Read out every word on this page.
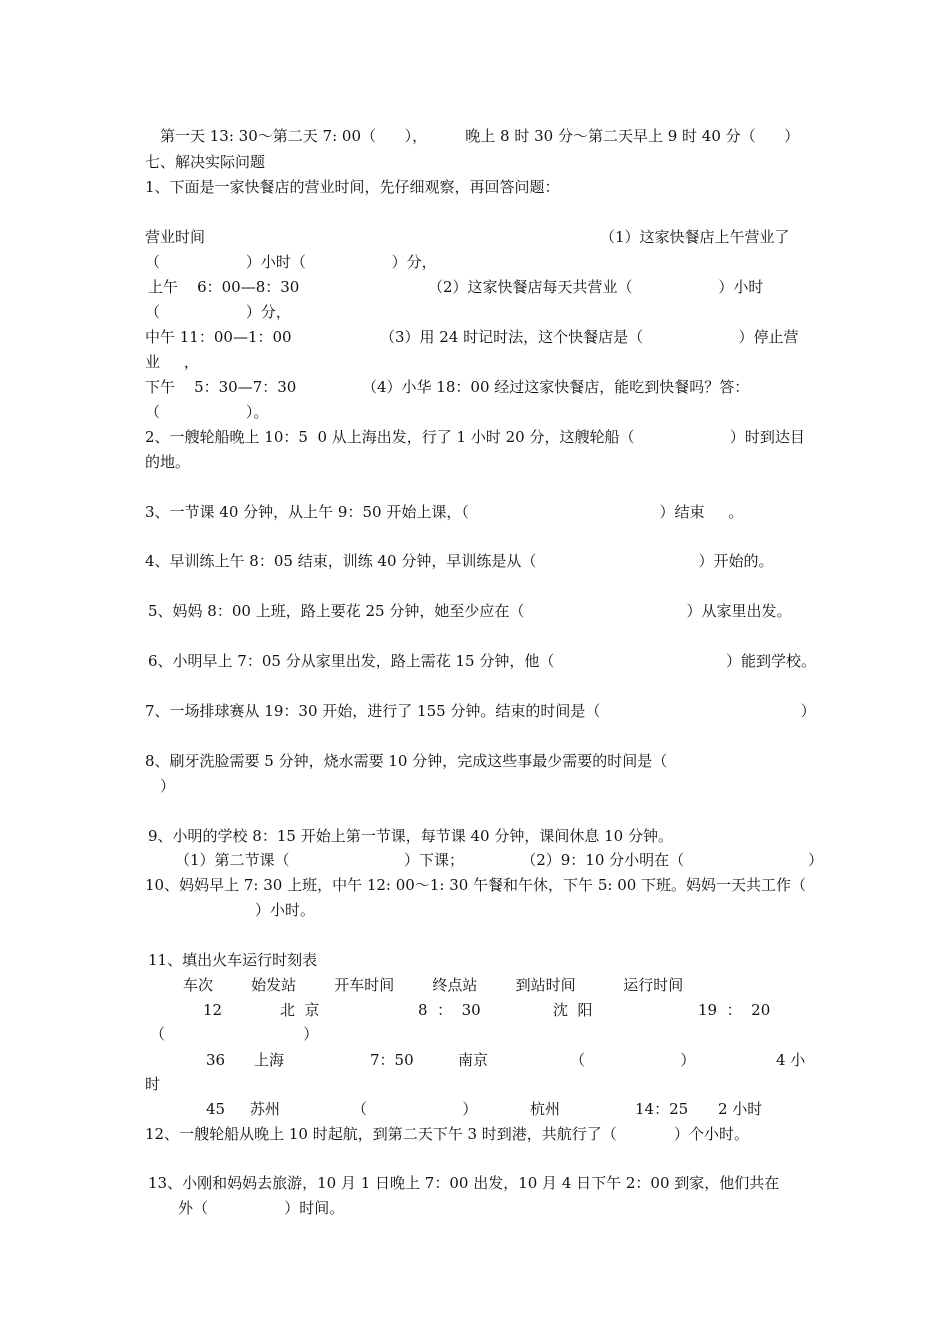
第一天 13: 30～第二天 7: 00（      ），        晚上 8 时 30 分～第二天早上 9 时 40 分（      ）
七、解决实际问题
1、下面是一家快餐店的营业时间，先仔细观察，再回答问题：
营业时间	（1）这家快餐店上午营业了
（                  ）小时（                  ）分，
上午    6：00—8：30	（2）这家快餐店每天共营业（                  ）小时
（                  ）分，
中午 11：00—1：00	（3）用 24 时记时法，这个快餐店是（                    ）停止营
业     ，
下午    5：30—7：30	（4）小华 18：00 经过这家快餐店，能吃到快餐吗？答：
（                  ）。
2、一艘轮船晚上 10：5  0 从上海出发，行了 1 小时 20 分，这艘轮船（                    ）时到达目
的地。
3、一节课 40 分钟，从上午 9：50 开始上课，（                                        ）结束     。
4、早训练上午 8：05 结束，训练 40 分钟，早训练是从（                                  ）开始的。
5、妈妈 8：00 上班，路上要花 25 分钟，她至少应在（                                  ）从家里出发。
6、小明早上 7：05 分从家里出发，路上需花 15 分钟，他（                                    ）能到学校。
7、一场排球赛从 19：30 开始，进行了 155 分钟。结束的时间是（                                          ）
8、刷牙洗脸需要 5 分钟，烧水需要 10 分钟，完成这些事最少需要的时间是（
）
9、小明的学校 8：15 开始上第一节课，每节课 40 分钟，课间休息 10 分钟。
（1）第二节课（                        ）下课；            （2）9：10 分小明在（                          ）
10、妈妈早上 7: 30 上班，中午 12: 00～1: 30 午餐和午休，下午 5: 00 下班。妈妈一天共工作（
）小时。
11、填出火车运行时刻表
车次        始发站        开车时间        终点站        到站时间          运行时间
12	北  京	8  ：  30	沈  阳	19  ：  20
（                             ）
36 上海	7：50	南京	（                    ）	4 小
时
45 苏州	（                    ）	杭州	14：25 2 小时
12、一艘轮船从晚上 10 时起航，到第二天下午 3 时到港，共航行了（            ）个小时。
13、小刚和妈妈去旅游，10 月 1 日晚上 7：00 出发，10 月 4 日下午 2：00 到家，他们共在
外（                ）时间。
